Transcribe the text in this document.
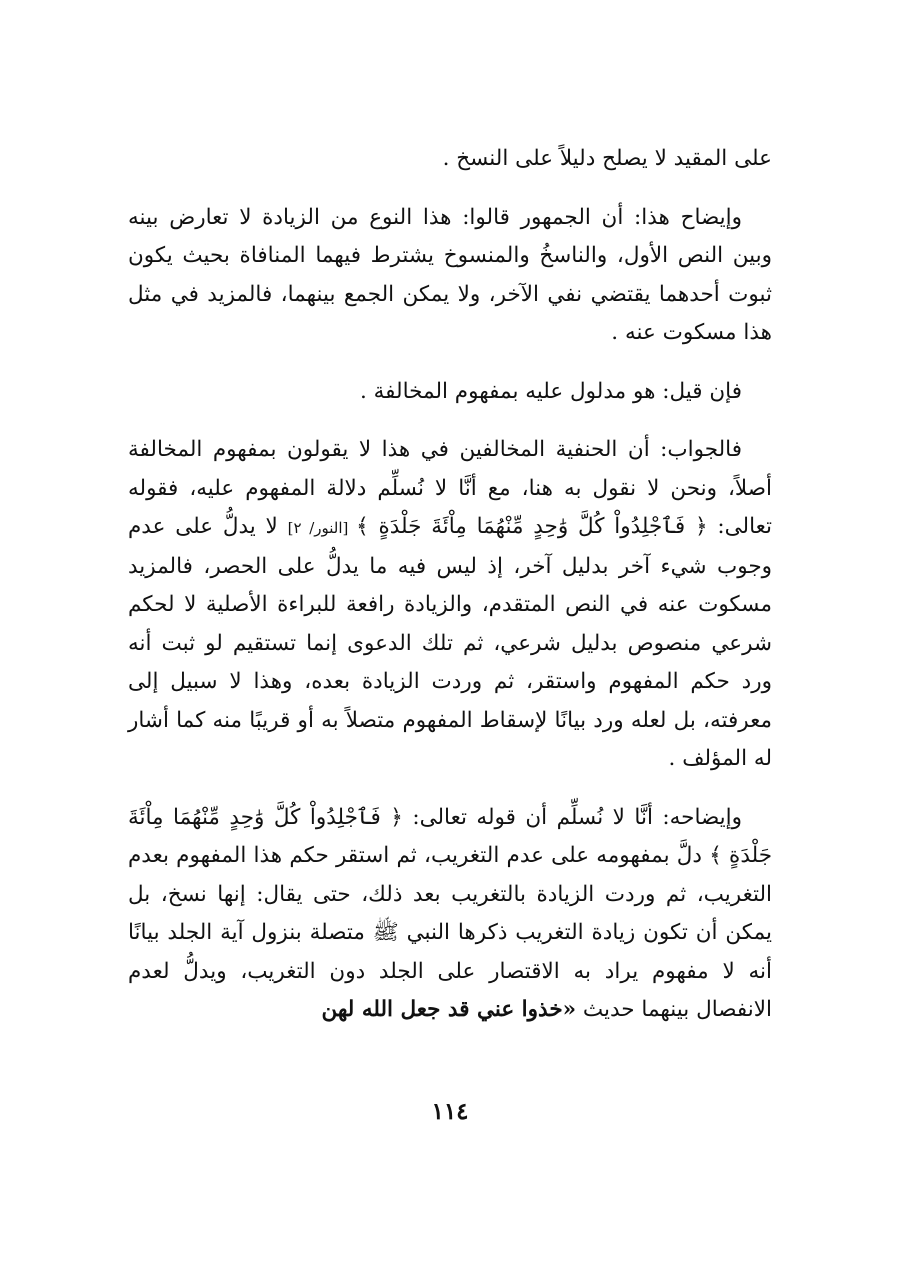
على المقيد لا يصلح دليلاً على النسخ .

وإيضاح هذا: أن الجمهور قالوا: هذا النوع من الزيادة لا تعارض بينه وبين النص الأول، والناسخُ والمنسوخ يشترط فيهما المنافاة بحيث يكون ثبوت أحدهما يقتضي نفي الآخر، ولا يمكن الجمع بينهما، فالمزيد في مثل هذا مسكوت عنه .

فإن قيل: هو مدلول عليه بمفهوم المخالفة .

فالجواب: أن الحنفية المخالفين في هذا لا يقولون بمفهوم المخالفة أصلاً، ونحن لا نقول به هنا، مع أنَّا لا نُسلِّم دلالة المفهوم عليه، فقوله تعالى: ﴿ فَٱجْلِدُواْ كُلَّ وَٰحِدٍ مِّنْهُمَا مِاْئَةَ جَلْدَةٍ ﴾ [النور/ ٢] لا يدلُّ على عدم وجوب شيء آخر بدليل آخر، إذ ليس فيه ما يدلُّ على الحصر، فالمزيد مسكوت عنه في النص المتقدم، والزيادة رافعة للبراءة الأصلية لا لحكم شرعي منصوص بدليل شرعي، ثم تلك الدعوى إنما تستقيم لو ثبت أنه ورد حكم المفهوم واستقر، ثم وردت الزيادة بعده، وهذا لا سبيل إلى معرفته، بل لعله ورد بيانًا لإسقاط المفهوم متصلاً به أو قريبًا منه كما أشار له المؤلف .

وإيضاحه: أنَّا لا نُسلِّم أن قوله تعالى: ﴿ فَٱجْلِدُواْ كُلَّ وَٰحِدٍ مِّنْهُمَا مِاْئَةَ جَلْدَةٍ ﴾ دلَّ بمفهومه على عدم التغريب، ثم استقر حكم هذا المفهوم بعدم التغريب، ثم وردت الزيادة بالتغريب بعد ذلك، حتى يقال: إنها نسخ، بل يمكن أن تكون زيادة التغريب ذكرها النبي ﷺ متصلة بنزول آية الجلد بيانًا أنه لا مفهوم يراد به الاقتصار على الجلد دون التغريب، ويدلُّ لعدم الانفصال بينهما حديث «خذوا عني قد جعل الله لهن

١١٤
